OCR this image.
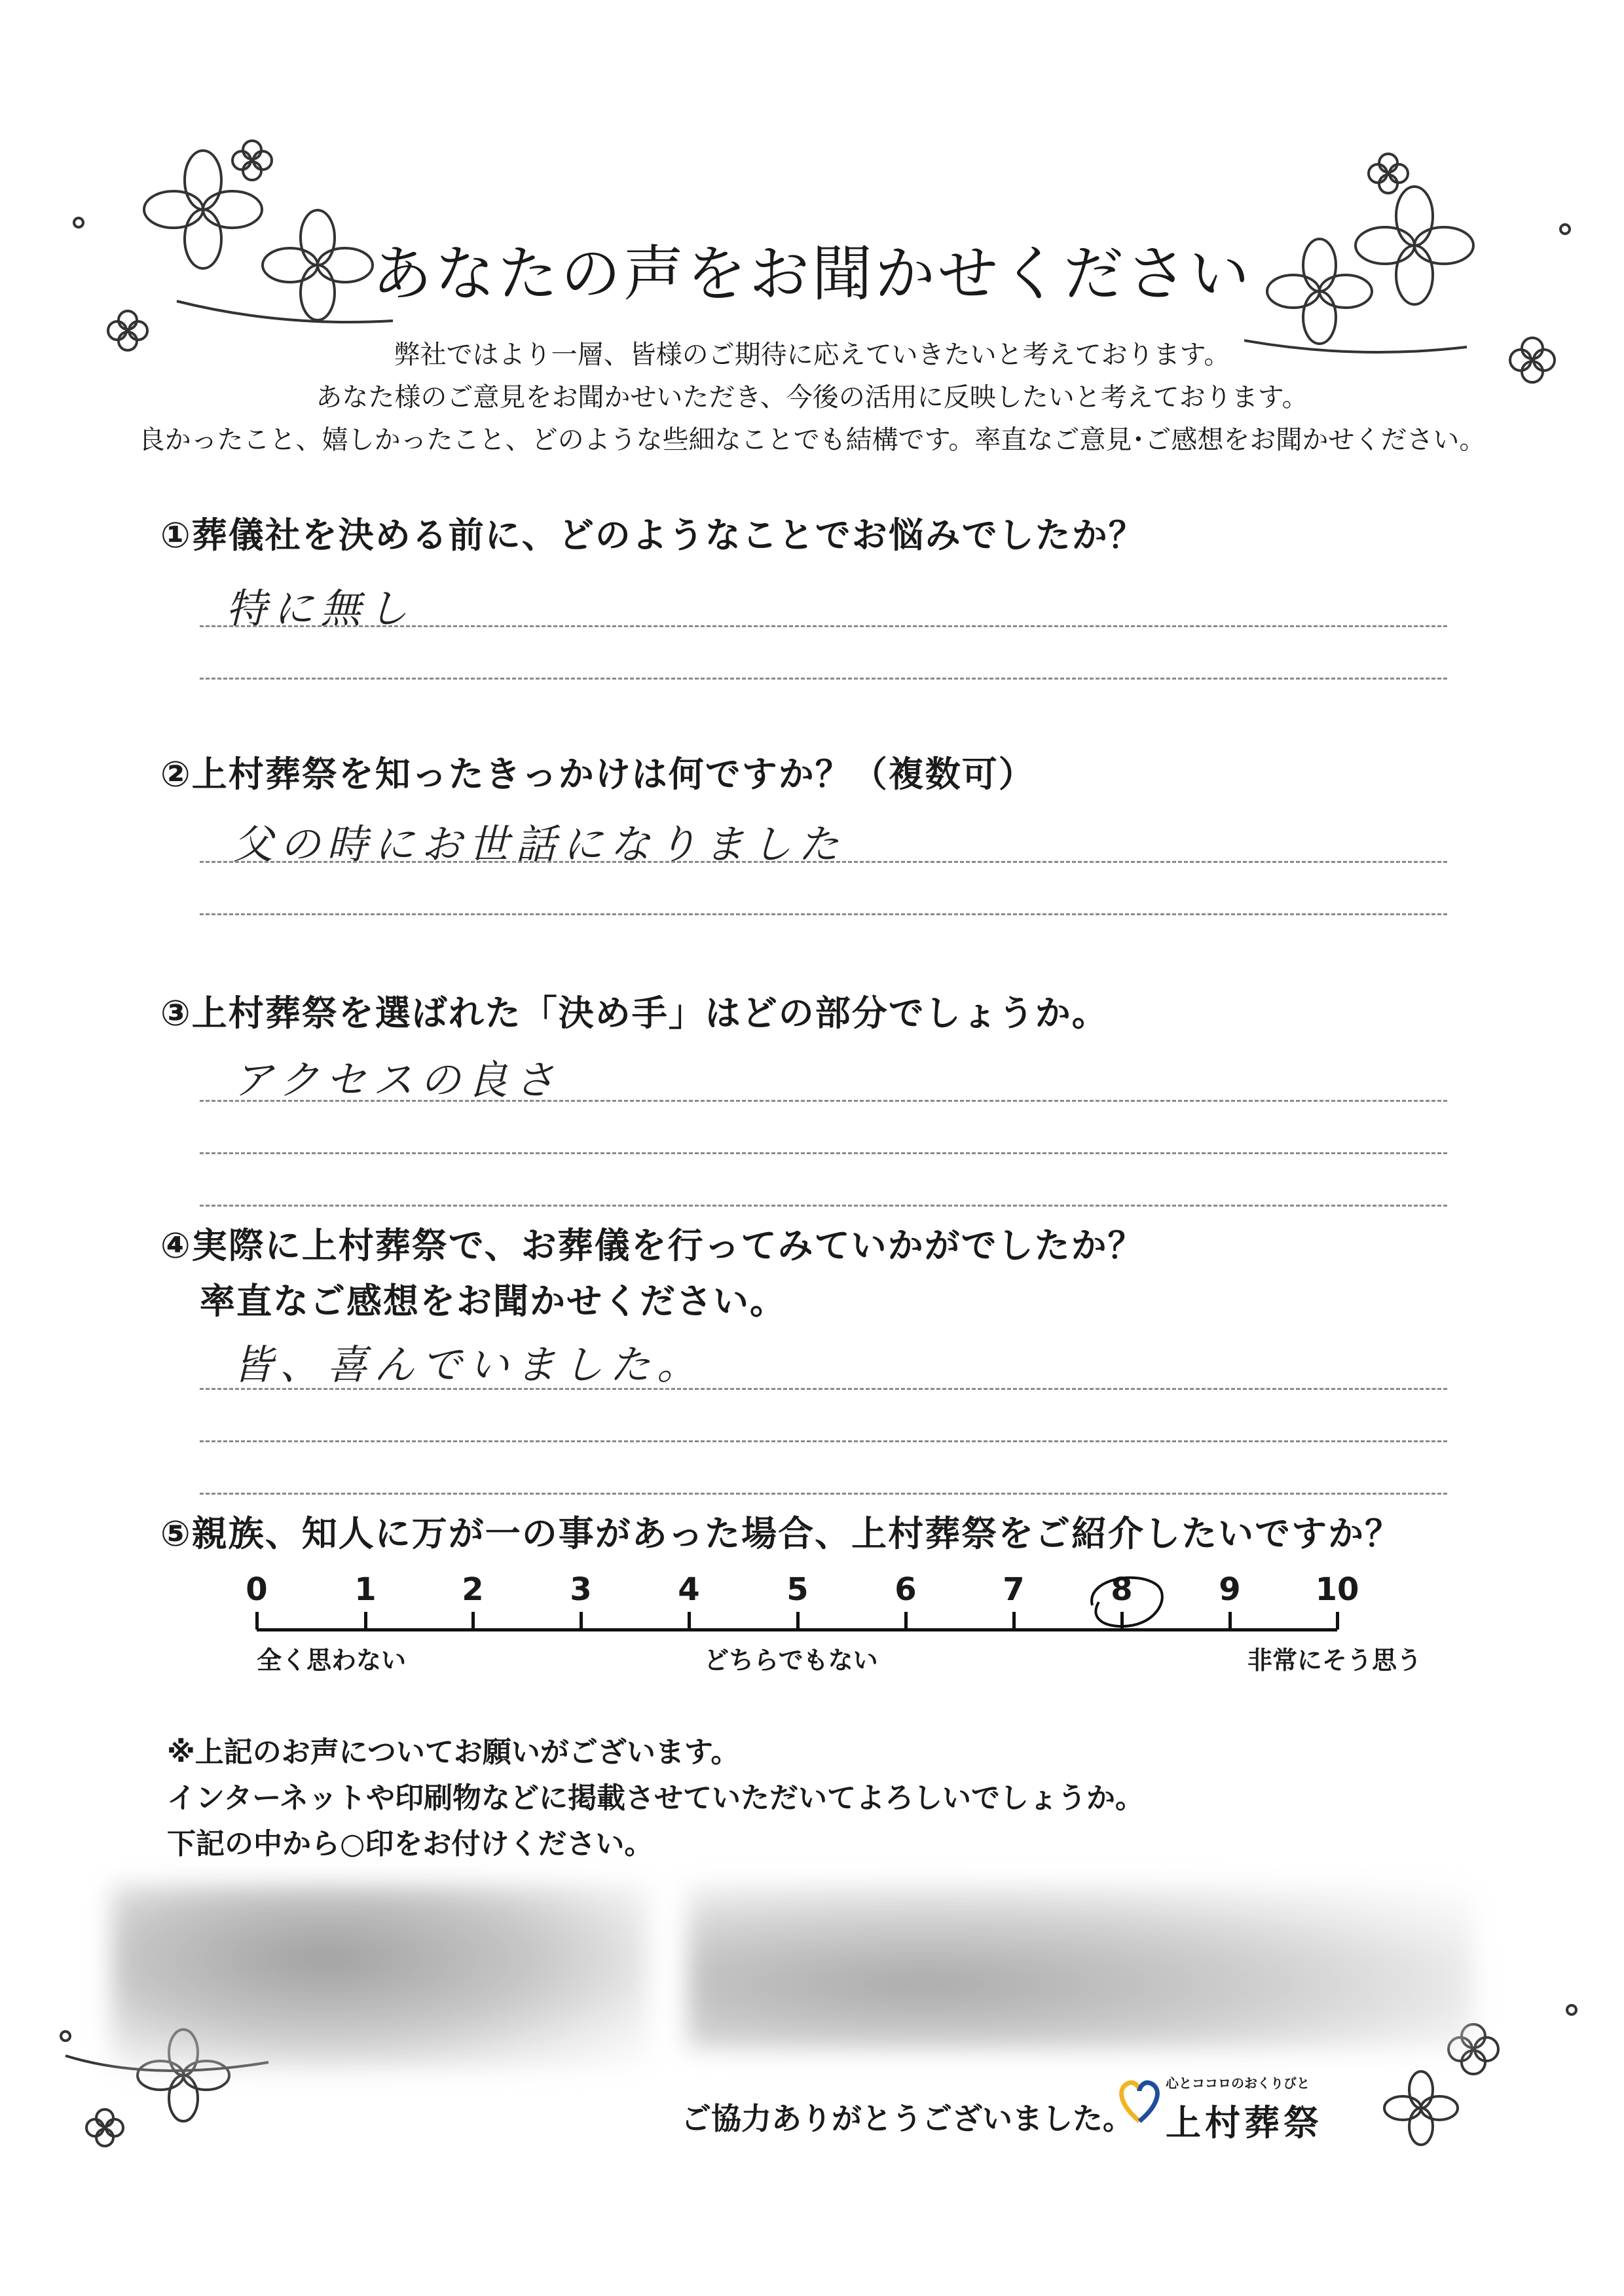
あなたの声をお聞かせください
弊社ではより一層、皆様のご期待に応えていきたいと考えております。
あなた様のご意見をお聞かせいただき、今後の活用に反映したいと考えております。
良かったこと、嬉しかったこと、どのような些細なことでも結構です。率直なご意見･ご感想をお聞かせください。
①葬儀社を決める前に、どのようなことでお悩みでしたか？
特に無し
②上村葬祭を知ったきっかけは何ですか？（複数可）
父の時にお世話になりました
③上村葬祭を選ばれた「決め手」はどの部分でしょうか。
アクセスの良さ
④実際に上村葬祭で、お葬儀を行ってみていかがでしたか？
率直なご感想をお聞かせください。
皆、喜んでいました。
⑤親族、知人に万が一の事があった場合、上村葬祭をご紹介したいですか？
0	1	2	3	4	5	6	7	8	9	10
全く思わない	どちらでもない	非常にそう思う
※上記のお声についてお願いがございます。
インターネットや印刷物などに掲載させていただいてよろしいでしょうか。
下記の中から○印をお付けください。
ご協力ありがとうございました。
心とココロのおくりびと
上村葬祭
